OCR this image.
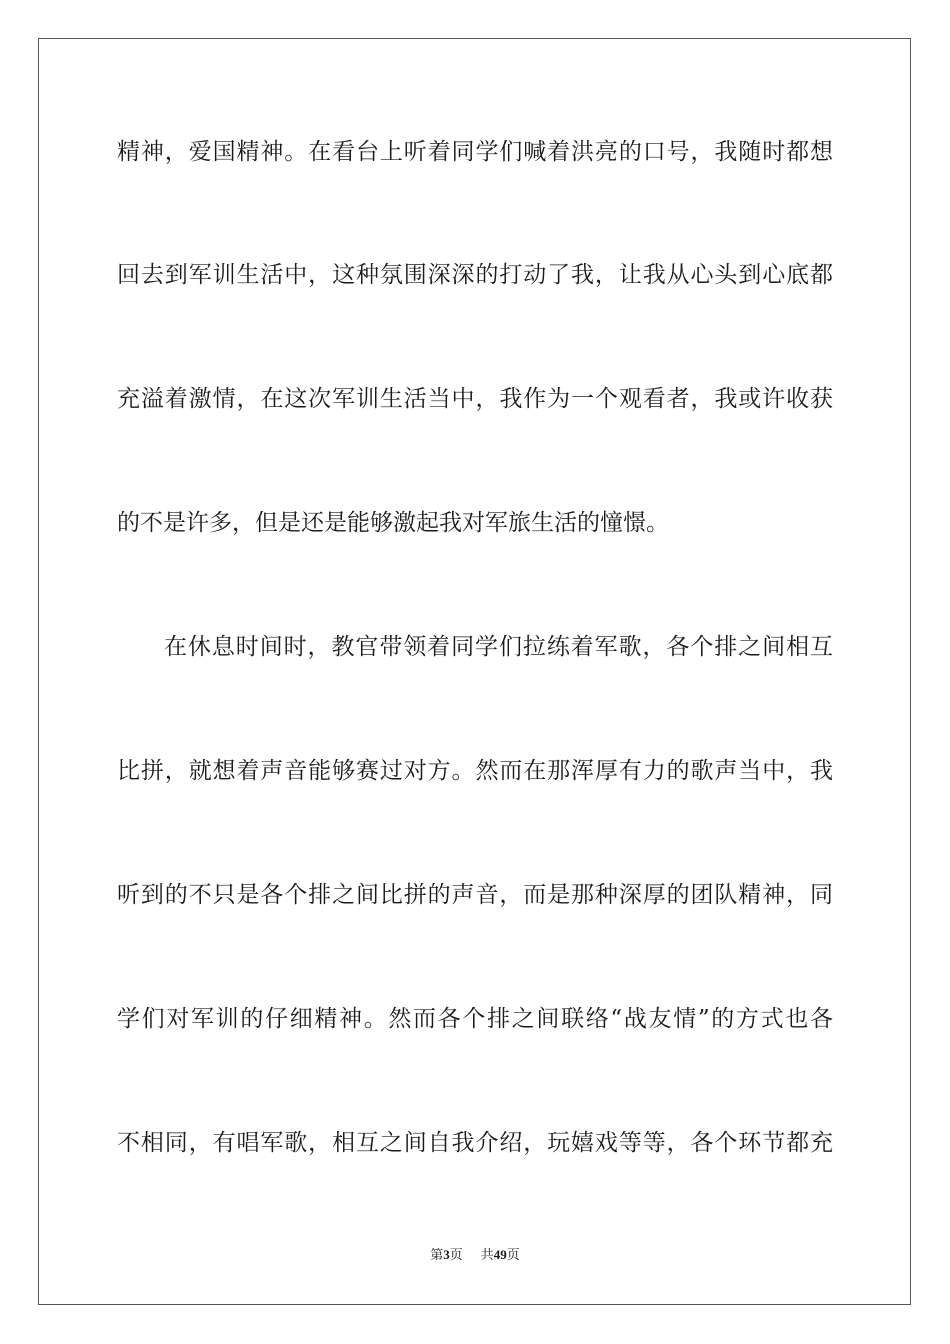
精神，爱国精神。在看台上听着同学们喊着洪亮的口号，我随时都想
回去到军训生活中，这种氛围深深的打动了我，让我从心头到心底都
充溢着激情，在这次军训生活当中，我作为一个观看者，我或许收获
的不是许多，但是还是能够激起我对军旅生活的憧憬。
在休息时间时，教官带领着同学们拉练着军歌，各个排之间相互
比拼，就想着声音能够赛过对方。然而在那浑厚有力的歌声当中，我
听到的不只是各个排之间比拼的声音，而是那种深厚的团队精神，同
学们对军训的仔细精神。然而各个排之间联络“战友情”的方式也各
不相同，有唱军歌，相互之间自我介绍，玩嬉戏等等，各个环节都充
第3页 共49页
